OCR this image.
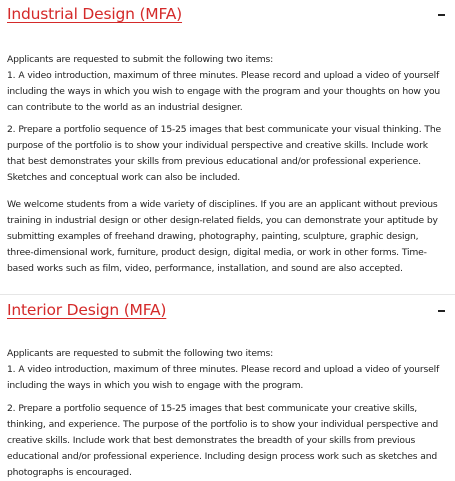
Industrial Design (MFA)

Applicants are requested to submit the following two items:
1. A video introduction, maximum of three minutes. Please record and upload a video of yourself
including the ways in which you wish to engage with the program and your thoughts on how you
can contribute to the world as an industrial designer.

2. Prepare a portfolio sequence of 15-25 images that best communicate your visual thinking. The
purpose of the portfolio is to show your individual perspective and creative skills. Include work
that best demonstrates your skills from previous educational and/or professional experience.
Sketches and conceptual work can also be included.

We welcome students from a wide variety of disciplines. If you are an applicant without previous
training in industrial design or other design-related fields, you can demonstrate your aptitude by
submitting examples of freehand drawing, photography, painting, sculpture, graphic design,
three-dimensional work, furniture, product design, digital media, or work in other forms. Time-
based works such as film, video, performance, installation, and sound are also accepted.

Interior Design (MFA)

Applicants are requested to submit the following two items:
1. A video introduction, maximum of three minutes. Please record and upload a video of yourself
including the ways in which you wish to engage with the program.

2. Prepare a portfolio sequence of 15-25 images that best communicate your creative skills,
thinking, and experience. The purpose of the portfolio is to show your individual perspective and
creative skills. Include work that best demonstrates the breadth of your skills from previous
educational and/or professional experience. Including design process work such as sketches and
photographs is encouraged.
